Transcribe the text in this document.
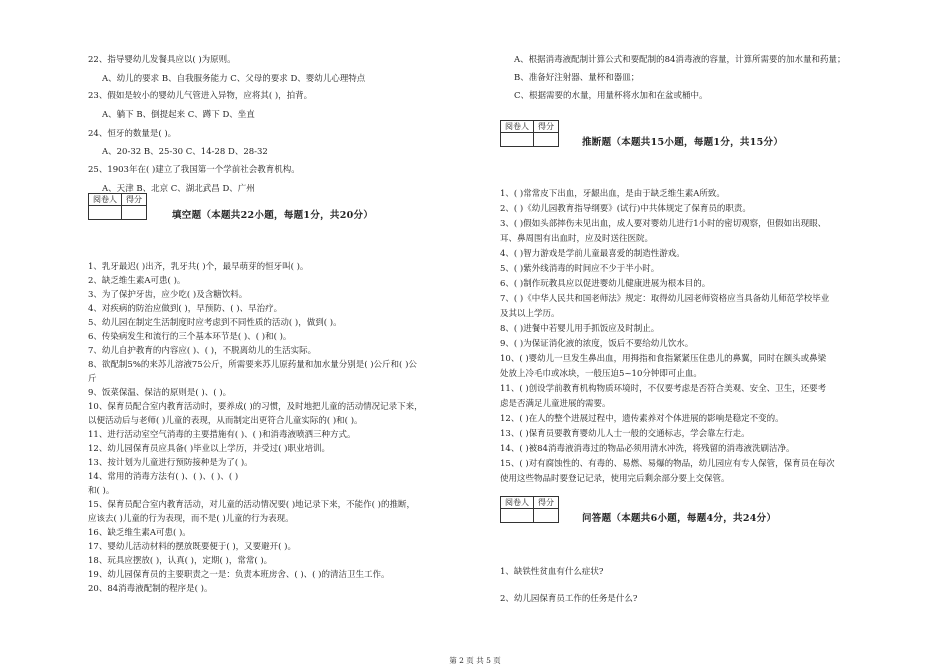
22、指导婴幼儿发餐具应以( )为原则。
A、幼儿的要求 B、自我服务能力 C、父母的要求 D、婴幼儿心理特点
23、假如是较小的婴幼儿气管进入异物，应将其( )，拍背。
A、躺下 B、倒提起来 C、蹲下 D、坐直
24、恒牙的数量是( )。
A、20-32 B、25-30 C、14-28 D、28-32
25、1903年在( )建立了我国第一个学前社会教育机构。
A、天津 B、北京 C、湖北武昌 D、广州
阅卷人	得分

填空题（本题共22小题，每题1分，共20分）
1、乳牙最迟( )出齐，乳牙共( )个，最早萌芽的恒牙叫( )。
2、缺乏维生素A可患( )。
3、为了保护牙齿，应少吃( )及含糖饮料。
4、对疾病的防治应做到( )，早预防、( )、早治疗。
5、幼儿园在制定生活制度时应考虑到不同性质的活动( )，做到( )。
6、传染病发生和流行的三个基本环节是( )、( )和( )。
7、幼儿自护教育的内容应( )、( )，不脱离幼儿的生活实际。
8、欲配制5%的来苏儿溶液75公斤，所需要来苏儿原药量和加水量分别是( )公斤和( )公
斤
9、饭菜保温、保洁的原则是( )、( )。
10、保育员配合室内教育活动时，要养成( )的习惯，及时地把儿童的活动情况记录下来，
以便活动后与老师( )儿童的表现，从而制定出更符合儿童实际的( )和( )。
11、进行活动室空气消毒的主要措施有( )、( )和消毒液喷洒三种方式。
12、幼儿园保育员应具备( )毕业以上学历，并受过( )职业培训。
13、按计划为儿童进行预防接种是为了( )。
14、常用的消毒方法有( )、( )、( )、( )
和( )。
15、保育员配合室内教育活动，对儿童的活动情况要( )地记录下来，不能作( )的推断，
应该去( )儿童的行为表现，而不是( )儿童的行为表现。
16、缺乏维生素A可患( )。
17、婴幼儿活动材料的摆放既要便于( )，又要避开( )。
18、玩具应摆放( )，认真( )，定期( )，常常( )。
19、幼儿园保育员的主要职责之一是：负责本班房舍、( )、( )的清洁卫生工作。
20、84消毒液配制的程序是( )。
A、根据消毒液配制计算公式和要配制的84消毒液的容量，计算所需要的加水量和药量；
B、准备好注射器、量杯和器皿；
C、根据需要的水量，用量杯将水加和在盆或桶中。
阅卷人	得分

推断题（本题共15小题，每题1分，共15分）
1、( )常常皮下出血，牙龈出血，是由于缺乏维生素A所致。
2、( )《幼儿园教育指导纲要》(试行)中共体规定了保育员的职责。
3、( )假如头部摔伤未见出血，成人要对婴幼儿进行1小时的密切观察，但假如出现眼、
耳、鼻周围有出血时，应及时送往医院。
4、( )智力游戏是学前儿童最喜爱的制造性游戏。
5、( )紫外线消毒的时间应不少于半小时。
6、( )制作玩教具应以促进婴幼儿健康进展为根本目的。
7、( )《中华人民共和国老师法》规定：取得幼儿园老师资格应当具备幼儿师范学校毕业
及其以上学历。
8、( )进餐中若婴儿用手抓饭应及时制止。
9、( )为保证消化液的浓度，饭后不要给幼儿饮水。
10、( )婴幼儿一旦发生鼻出血，用拇指和食指紧紧压住患儿的鼻翼，同时在额头或鼻梁
处放上冷毛巾或冰块，一般压迫5~10分钟即可止血。
11、( )创设学前教育机构物质环境时，不仅要考虑是否符合美观、安全、卫生，还要考
虑是否满足儿童进展的需要。
12、( )在人的整个进展过程中，遗传素养对个体进展的影响是稳定不变的。
13、( )保育员要教育婴幼儿人士一般的交通标志，学会靠左行走。
14、( )被84消毒液消毒过的物品必须用清水冲洗，将残留的消毒液洗刷洁净。
15、( )对有腐蚀性的、有毒的、易燃、易爆的物品，幼儿园应有专人保管，保育员在每次
使用这些物品时要登记记录，使用完后剩余部分要上交保管。
阅卷人	得分

问答题（本题共6小题，每题4分，共24分）
1、缺铁性贫血有什么症状?
2、幼儿园保育员工作的任务是什么?
第 2 页 共 5 页
